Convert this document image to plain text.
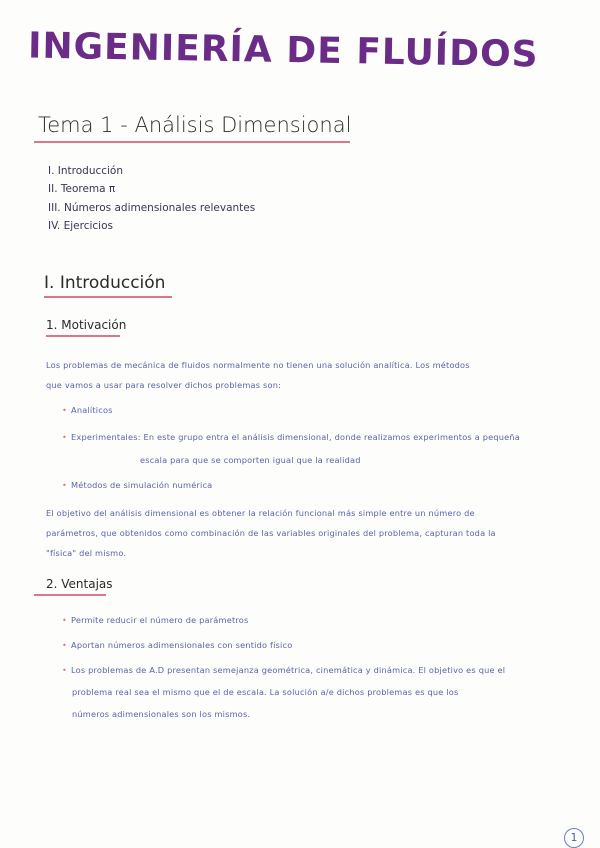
INGENIERÍA DE FLUÍDOS
Tema 1 - Análisis Dimensional
I. Introducción
II. Teorema π
III. Números adimensionales relevantes
IV. Ejercicios
I. Introducción
1. Motivación
Los problemas de mecánica de fluidos normalmente no tienen una solución analítica. Los métodos
que vamos a usar para resolver dichos problemas son:
• Analíticos
• Experimentales: En este grupo entra el análisis dimensional, donde realizamos experimentos a pequeña
escala para que se comporten igual que la realidad
• Métodos de simulación numérica
El objetivo del análisis dimensional es obtener la relación funcional más simple entre un número de
parámetros, que obtenidos como combinación de las variables originales del problema, capturan toda la
"física" del mismo.
2. Ventajas
• Permite reducir el número de parámetros
• Aportan números adimensionales con sentido físico
• Los problemas de A.D presentan semejanza geométrica, cinemática y dinámica. El objetivo es que el
problema real sea el mismo que el de escala. La solución a/e dichos problemas es que los
números adimensionales son los mismos.
1
